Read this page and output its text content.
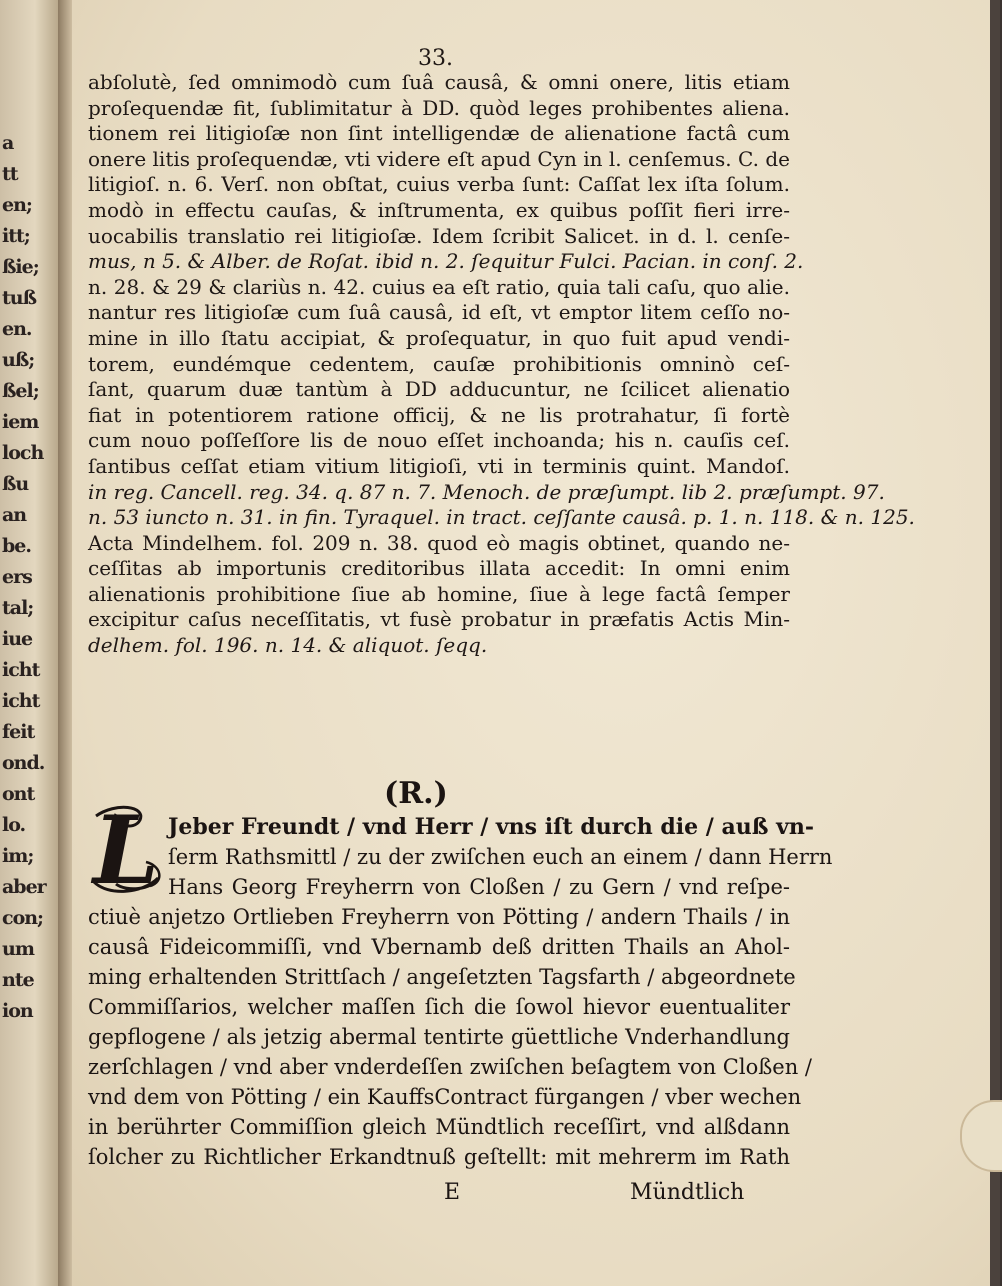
a
tt
en;
itt;
ßie;
tuß
en.
uß;
ßel;
iem
loch
ßu
an
be.
ers
tal;
iue
icht
icht
feit
ond.
ont
lo.
im;
aber
con;
um
nte
ion
33.
abſolutè, ſed omnimodò cum ſuâ causâ, & omni onere, litis etiam
proſequendæ fit, ſublimitatur à DD. quòd leges prohibentes aliena.
tionem rei litigioſæ non ſint intelligendæ de alienatione factâ cum
onere litis proſequendæ, vti videre eſt apud Cyn in l. cenſemus. C. de
litigioſ. n. 6. Verſ. non obſtat, cuius verba ſunt: Caſſat lex iſta ſolum.
modò in effectu cauſas, & inſtrumenta, ex quibus poſſit fieri irre-
uocabilis translatio rei litigioſæ. Idem ſcribit Salicet. in d. l. cenſe-
mus, n 5. & Alber. de Roſat. ibid n. 2. ſequitur Fulci. Pacian. in conſ. 2.
n. 28. & 29 & clariùs n. 42. cuius ea eſt ratio, quia tali caſu, quo alie.
nantur res litigioſæ cum ſuâ causâ, id eſt, vt emptor litem ceſſo no-
mine in illo ſtatu accipiat, & proſequatur, in quo fuit apud vendi-
torem, eundémque cedentem, cauſæ prohibitionis omninò ceſ-
ſant, quarum duæ tantùm à DD adducuntur, ne ſcilicet alienatio
fiat in potentiorem ratione officij, & ne lis protrahatur, ſi fortè
cum nouo poſſeſſore lis de nouo eſſet inchoanda; his n. cauſis ceſ.
ſantibus ceſſat etiam vitium litigioſi, vti in terminis quint. Mandoſ.
in reg. Cancell. reg. 34. q. 87 n. 7. Menoch. de præſumpt. lib 2. præſumpt. 97.
n. 53 iuncto n. 31. in fin. Tyraquel. in tract. ceſſante causâ. p. 1. n. 118. & n. 125.
Acta Mindelhem. fol. 209 n. 38. quod eò magis obtinet, quando ne-
ceſſitas ab importunis creditoribus illata accedit: In omni enim
alienationis prohibitione ſiue ab homine, ſiue à lege factâ ſemper
excipitur caſus neceſſitatis, vt fusè probatur in præfatis Actis Min-
delhem. fol. 196. n. 14. & aliquot. ſeqq.
(R.)
L Jeber Freundt / vnd Herr / vns iſt durch die / auß vn-
ſerm Rathsmittl / zu der zwiſchen euch an einem / dann Herrn
Hans Georg Freyherrn von Cloßen / zu Gern / vnd reſpe-
ctiuè anjetzo Ortlieben Freyherrn von Pötting / andern Thails / in
causâ Fideicommiſſi, vnd Vbernamb deß dritten Thails an Ahol-
ming erhaltenden Strittſach / angeſetzten Tagsfarth / abgeordnete
Commiſſarios, welcher maſſen ſich die ſowol hievor euentualiter
gepflogene / als jetzig abermal tentirte güettliche Vnderhandlung
zerſchlagen / vnd aber vnderdeſſen zwiſchen beſagtem von Cloßen /
vnd dem von Pötting / ein KauffsContract fürgangen / vber wechen
in berührter Commiſſion gleich Mündtlich receſſirt, vnd alßdann
ſolcher zu Richtlicher Erkandtnuß geſtellt: mit mehrerm im Rath
E	Mündtlich
